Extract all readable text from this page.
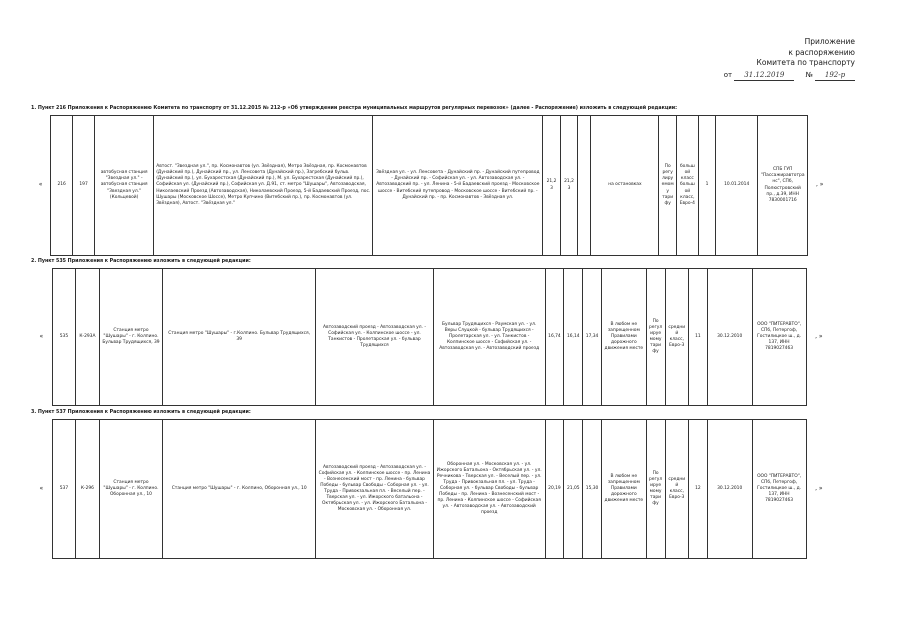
Приложение
к распоряжению
Комитета по транспорту
от 31.12.2019	№ 192-р
1. Пункт 216 Приложения к Распоряжению Комитета по транспорту от 31.12.2015 № 212-р «Об утверждении реестра муниципальных маршрутов регулярных перевозок» (далее - Распоряжение) изложить в следующей редакции:
«	216	197	автобусная станция "Звездная ул." - автобусная станция "Звездная ул." (Кольцевой)	Автост. "Звездная ул.", пр. Космонавтов (ул. Звёздная), Метро Звёздная, пр. Космонавтов (Дунайский пр.), Дунайский пр., ул. Ленсовета (Дунайский пр.), Загребский бульв. (Дунайский пр.), ул. Бухарестская (Дунайский пр.), М. ул. Бухарестская (Дунайский пр.), Софийская ул. (Дунайский пр.), Софийская ул. Д.91, ст. метро "Шушары", Автозаводская, Николаевский Проезд (Автозаводская), Николаевский Проезд, 5-й Бадаевский Проезд, пос. Шушары (Московское Шоссе), Метро Купчино (Витебский пр.), пр. Космонавтов (ул. Звёздная), Автост. "Звёздная ул."	Звёздная ул. - ул. Ленсовета - Дунайский пр. - Дунайский путепровод - Дунайский пр. - Софийская ул. - ул. Автозаводская ул. - Автозаводский пр. - ул. Ленина - 5-й Бадаевский проезд - Московское шоссе - Витебский путепровод - Московское шоссе - Витебский пр. - Дунайский пр. - пр. Космонавтов - Звёздная ул.	21,23	21,23		на остановках	По регулируемому тарифу	большой класс большой класс, Евро-4	1	10.01.2014	СПБ ГУП "Пассажиравтотранс", СПб, Полюстровский пр., д.39, ИНН 7830001716	, »
2. Пункт 535 Приложения к Распоряжению изложить в следующей редакции:
«	535	К-293А	Станция метро "Шушары" - г. Колпино. Бульвар Трудящихся, 39	Станция метро "Шушары" - г.Колпино. Бульвар Трудящихся, 39	Автозаводский проезд - Автозаводская ул. - Софийская ул. - Колпинское шоссе - ул. Танкистов - Пролетарская ул. - бульвар Трудящихся	Бульвар Трудящихся - Раумская ул. - ул. Веры Слуцкой - бульвар Трудящихся - Пролетарская ул. - ул. Танкистов - Колпинское шоссе - Софийская ул. - Автозаводская ул. - Автозаводский проезд	16,74	16,14	17,34	В любом не запрещенном Правилами дорожного движения месте	По регулируемому тарифу	средний класс, Евро-3	11	30.12.2010	ООО "ПИТЕРАВТО", СПб, Петергоф, Гостилицкое ш., д. 137, ИНН 7819027463	, »
3. Пункт 537 Приложения к Распоряжению изложить в следующей редакции:
«	537	К-296	Станция метро "Шушары" - г. Колпино. Оборонная ул., 10	Станция метро "Шушары" - г. Колпино, Оборонная ул., 10	Автозаводский проезд - Автозаводская ул. - Софийская ул. - Колпинское шоссе - пр. Ленина - Вознесенский мост - пр. Ленина - бульвар Победы - бульвар Свободы - Соборная ул. - ул. Труда - Привокзальная пл. - Веселый пер. - Тверская ул. - ул. Ижорского батальона - Октябрьская ул. - ул. Ижорского Батальона - Московская ул. - Оборонная ул.	Оборонная ул. - Московская ул. - ул. Ижорского Батальона - Октябрьская ул. - ул. Речникова - Тверская ул. - Веселый пер. - ул. Труда - Привокзальная пл. - ул. Труда - Соборная ул. - бульвар Свободы - бульвар Победы - пр. Ленина - Вознесенский мост - пр. Ленина - Колпинское шоссе - Софийская ул. - Автозаводская ул. - Автозаводский проезд	20,19	21,05	15,30	В любом не запрещенном Правилами дорожного движения месте	По регулируемому тарифу	средний класс, Евро-3	12	30.12.2010	ООО "ПИТЕРАВТО", СПб, Петергоф, Гостилицкое ш., д. 137, ИНН 7819027463	, »
